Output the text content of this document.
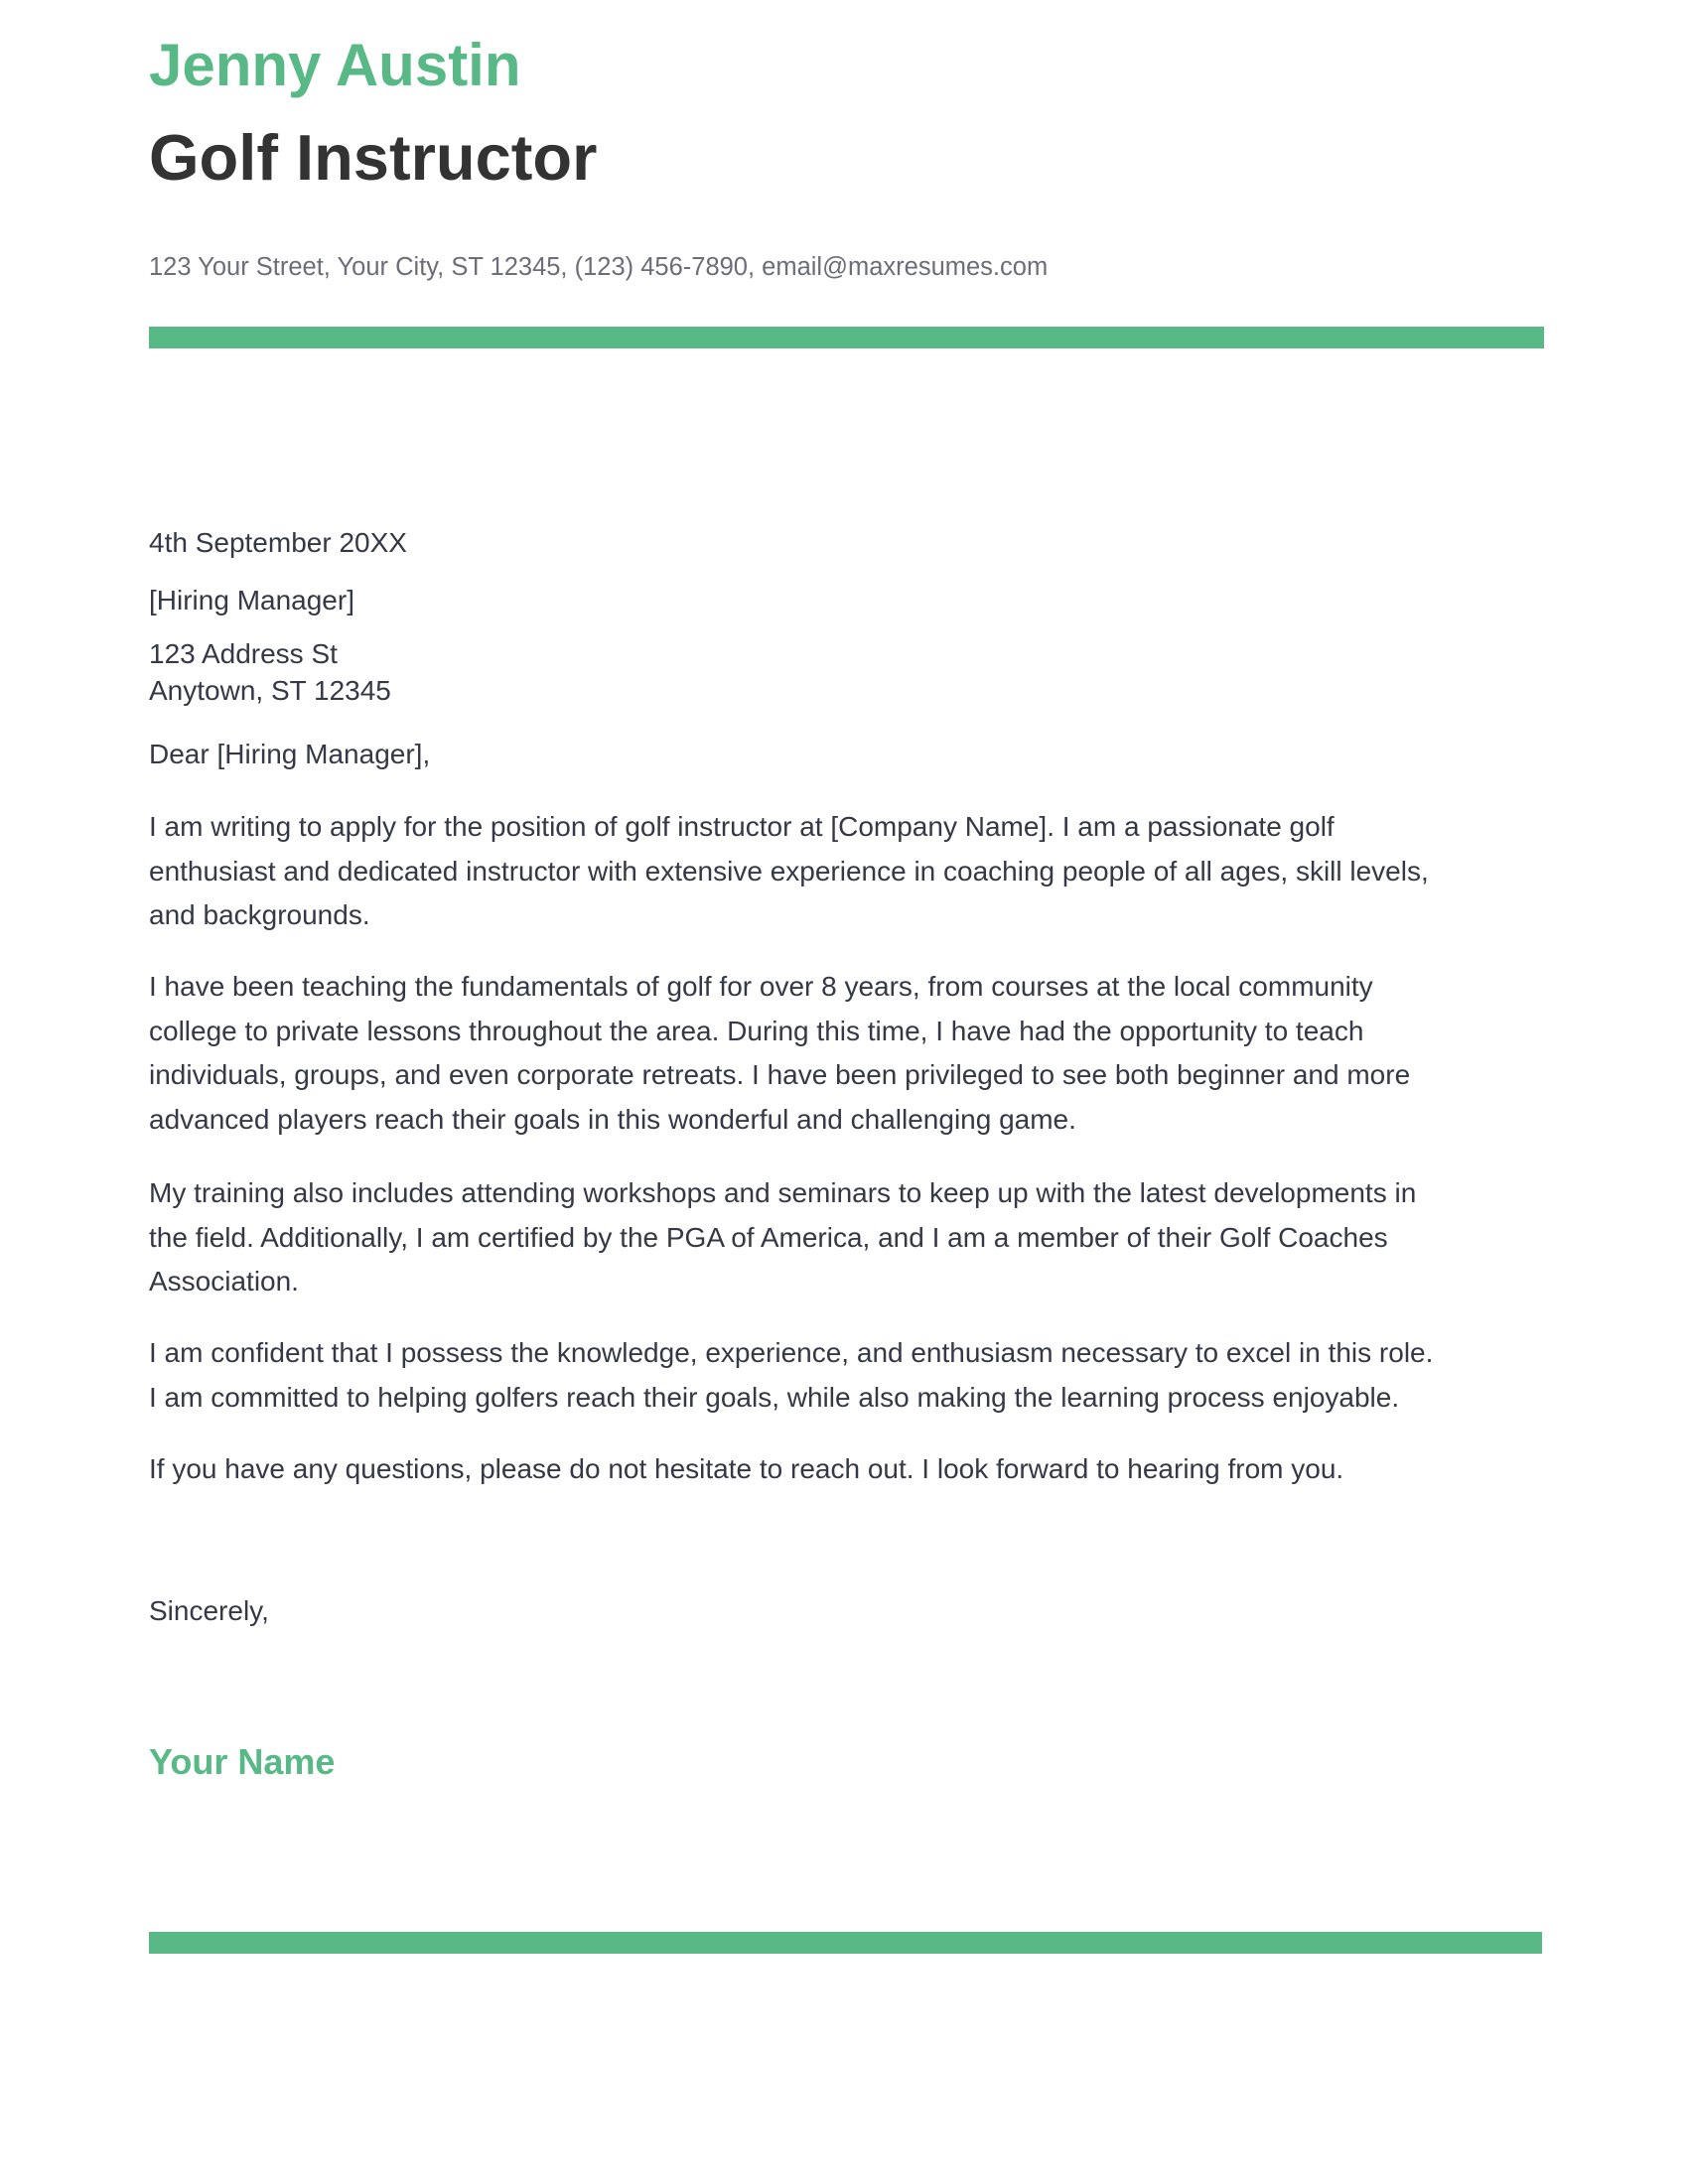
Jenny Austin
Golf Instructor
123 Your Street, Your City, ST 12345, (123) 456-7890, email@maxresumes.com
4th September 20XX
[Hiring Manager]
123 Address St
Anytown, ST 12345
Dear [Hiring Manager],
I am writing to apply for the position of golf instructor at [Company Name]. I am a passionate golf
enthusiast and dedicated instructor with extensive experience in coaching people of all ages, skill levels,
and backgrounds.
I have been teaching the fundamentals of golf for over 8 years, from courses at the local community
college to private lessons throughout the area. During this time, I have had the opportunity to teach
individuals, groups, and even corporate retreats. I have been privileged to see both beginner and more
advanced players reach their goals in this wonderful and challenging game.
My training also includes attending workshops and seminars to keep up with the latest developments in
the field. Additionally, I am certified by the PGA of America, and I am a member of their Golf Coaches
Association.
I am confident that I possess the knowledge, experience, and enthusiasm necessary to excel in this role.
I am committed to helping golfers reach their goals, while also making the learning process enjoyable.
If you have any questions, please do not hesitate to reach out. I look forward to hearing from you.
Sincerely,
Your Name
